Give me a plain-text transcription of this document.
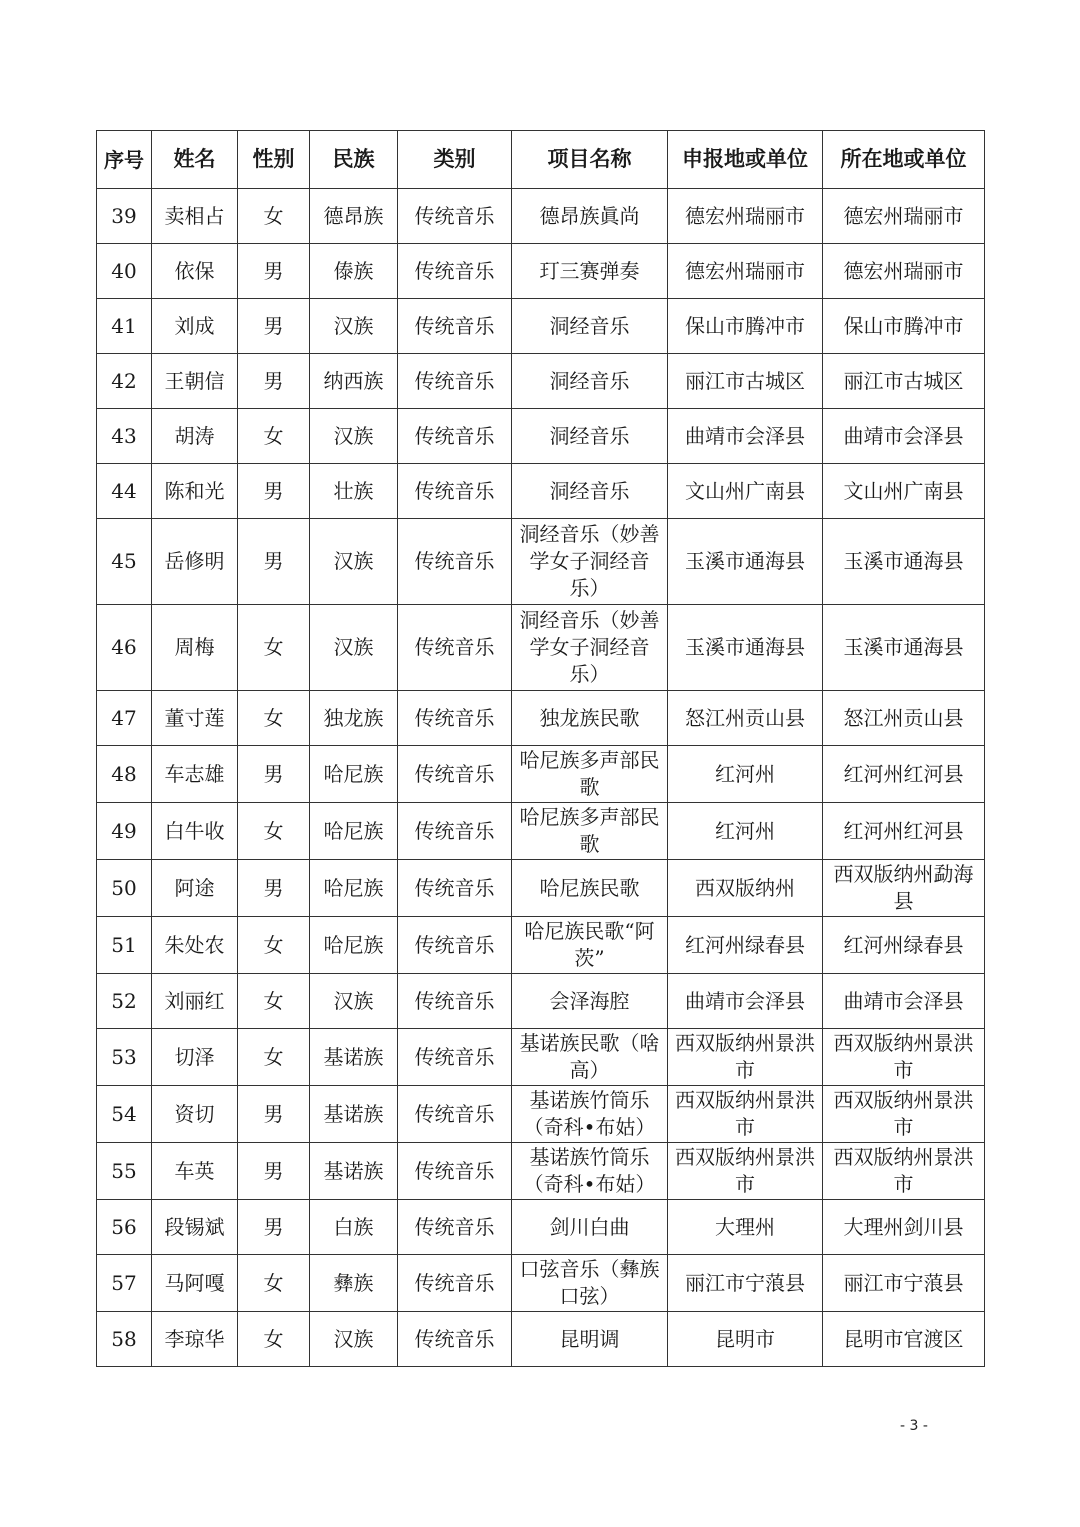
序号	姓名	性别	民族	类别	项目名称	申报地或单位	所在地或单位
39	卖相占	女	德昂族	传统音乐	德昂族眞尚	德宏州瑞丽市	德宏州瑞丽市
40	依保	男	傣族	传统音乐	玎三赛弹奏	德宏州瑞丽市	德宏州瑞丽市
41	刘成	男	汉族	传统音乐	洞经音乐	保山市腾冲市	保山市腾冲市
42	王朝信	男	纳西族	传统音乐	洞经音乐	丽江市古城区	丽江市古城区
43	胡涛	女	汉族	传统音乐	洞经音乐	曲靖市会泽县	曲靖市会泽县
44	陈和光	男	壮族	传统音乐	洞经音乐	文山州广南县	文山州广南县
45	岳修明	男	汉族	传统音乐	洞经音乐（妙善学女子洞经音乐）	玉溪市通海县	玉溪市通海县
46	周梅	女	汉族	传统音乐	洞经音乐（妙善学女子洞经音乐）	玉溪市通海县	玉溪市通海县
47	董寸莲	女	独龙族	传统音乐	独龙族民歌	怒江州贡山县	怒江州贡山县
48	车志雄	男	哈尼族	传统音乐	哈尼族多声部民歌	红河州	红河州红河县
49	白牛收	女	哈尼族	传统音乐	哈尼族多声部民歌	红河州	红河州红河县
50	阿途	男	哈尼族	传统音乐	哈尼族民歌	西双版纳州	西双版纳州勐海县
51	朱处农	女	哈尼族	传统音乐	哈尼族民歌“阿茨”	红河州绿春县	红河州绿春县
52	刘丽红	女	汉族	传统音乐	会泽海腔	曲靖市会泽县	曲靖市会泽县
53	切泽	女	基诺族	传统音乐	基诺族民歌（啥高）	西双版纳州景洪市	西双版纳州景洪市
54	资切	男	基诺族	传统音乐	基诺族竹筒乐（奇科•布姑）	西双版纳州景洪市	西双版纳州景洪市
55	车英	男	基诺族	传统音乐	基诺族竹筒乐（奇科•布姑）	西双版纳州景洪市	西双版纳州景洪市
56	段锡斌	男	白族	传统音乐	剑川白曲	大理州	大理州剑川县
57	马阿嘎	女	彝族	传统音乐	口弦音乐（彝族口弦）	丽江市宁蒗县	丽江市宁蒗县
58	李琼华	女	汉族	传统音乐	昆明调	昆明市	昆明市官渡区
- 3 -
